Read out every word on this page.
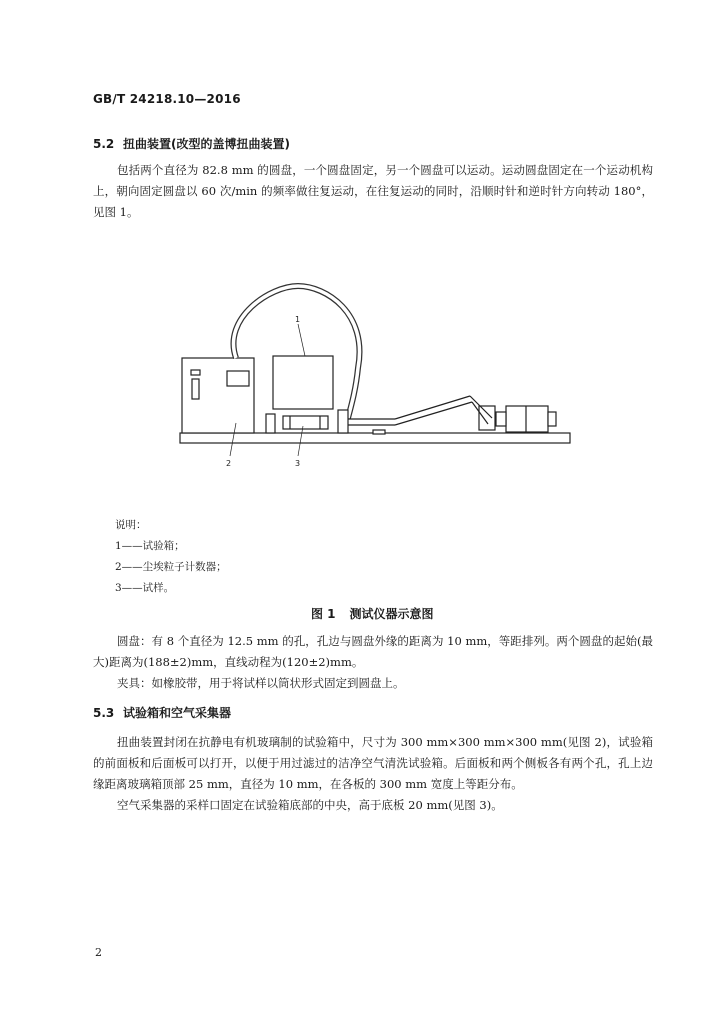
GB/T 24218.10—2016
5.2 扭曲装置(改型的盖博扭曲装置)
包括两个直径为 82.8 mm 的圆盘，一个圆盘固定，另一个圆盘可以运动。运动圆盘固定在一个运动机构上，朝向固定圆盘以 60 次/min 的频率做往复运动，在往复运动的同时，沿顺时针和逆时针方向转动 180°，见图 1。
1
2	3
说明：
1——试验箱；
2——尘埃粒子计数器；
3——试样。
图 1 测试仪器示意图
圆盘：有 8 个直径为 12.5 mm 的孔，孔边与圆盘外缘的距离为 10 mm，等距排列。两个圆盘的起始(最大)距离为(188±2)mm，直线动程为(120±2)mm。
夹具：如橡胶带，用于将试样以筒状形式固定到圆盘上。
5.3 试验箱和空气采集器
扭曲装置封闭在抗静电有机玻璃制的试验箱中，尺寸为 300 mm×300 mm×300 mm(见图 2)，试验箱的前面板和后面板可以打开，以便于用过滤过的洁净空气清洗试验箱。后面板和两个侧板各有两个孔，孔上边缘距离玻璃箱顶部 25 mm，直径为 10 mm，在各板的 300 mm 宽度上等距分布。
空气采集器的采样口固定在试验箱底部的中央，高于底板 20 mm(见图 3)。
2
